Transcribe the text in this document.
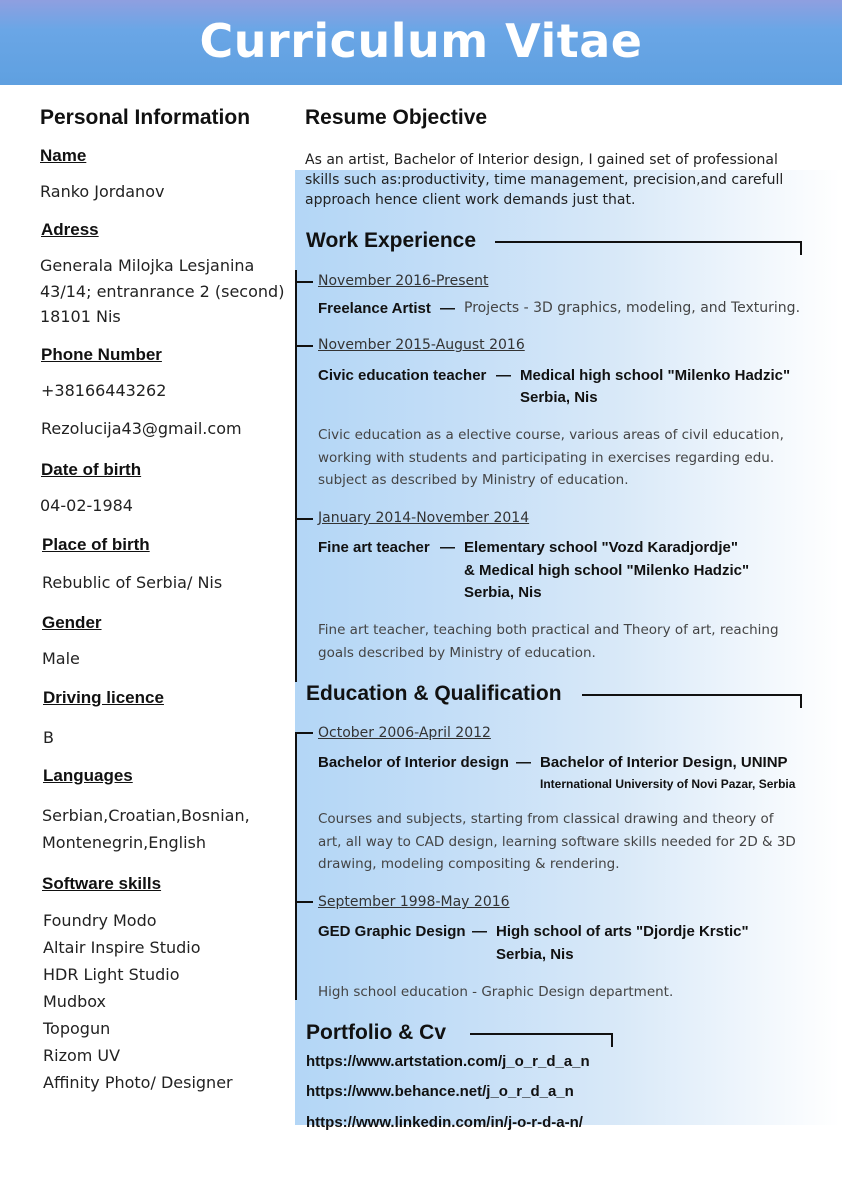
Curriculum Vitae
Personal Information
Name
Ranko Jordanov
Adress
Generala Milojka Lesjanina
43/14; entranrance 2 (second)
18101 Nis
Phone Number
+38166443262
Rezolucija43@gmail.com
Date of birth
04-02-1984
Place of birth
Rebublic of Serbia/ Nis
Gender
Male
Driving licence
B
Languages
Serbian,Croatian,Bosnian,
Montenegrin,English
Software skills
Foundry Modo
Altair Inspire Studio
HDR Light Studio
Mudbox
Topogun
Rizom UV
Affinity Photo/ Designer
Resume Objective
As an artist, Bachelor of Interior design, I gained set of professional
skills such as:productivity, time management, precision,and carefull
approach hence client work demands just that.
Work Experience
November 2016-Present
Freelance Artist — Projects - 3D graphics, modeling, and Texturing.
November 2015-August 2016
Civic education teacher — Medical high school "Milenko Hadzic"
Serbia, Nis
Civic education as a elective course, various areas of civil education,
working with students and participating in exercises regarding edu.
subject as described by Ministry of education.
January 2014-November 2014
Fine art teacher — Elementary school "Vozd Karadjordje"
& Medical high school "Milenko Hadzic"
Serbia, Nis
Fine art teacher, teaching both practical and Theory of art, reaching
goals described by Ministry of education.
Education & Qualification
October 2006-April 2012
Bachelor of Interior design — Bachelor of Interior Design, UNINP
International University of Novi Pazar, Serbia
Courses and subjects, starting from classical drawing and theory of
art, all way to CAD design, learning software skills needed for 2D & 3D
drawing, modeling compositing & rendering.
September 1998-May 2016
GED Graphic Design — High school of arts "Djordje Krstic"
Serbia, Nis
High school education - Graphic Design department.
Portfolio & Cv
https://www.artstation.com/j_o_r_d_a_n
https://www.behance.net/j_o_r_d_a_n
https://www.linkedin.com/in/j-o-r-d-a-n/
